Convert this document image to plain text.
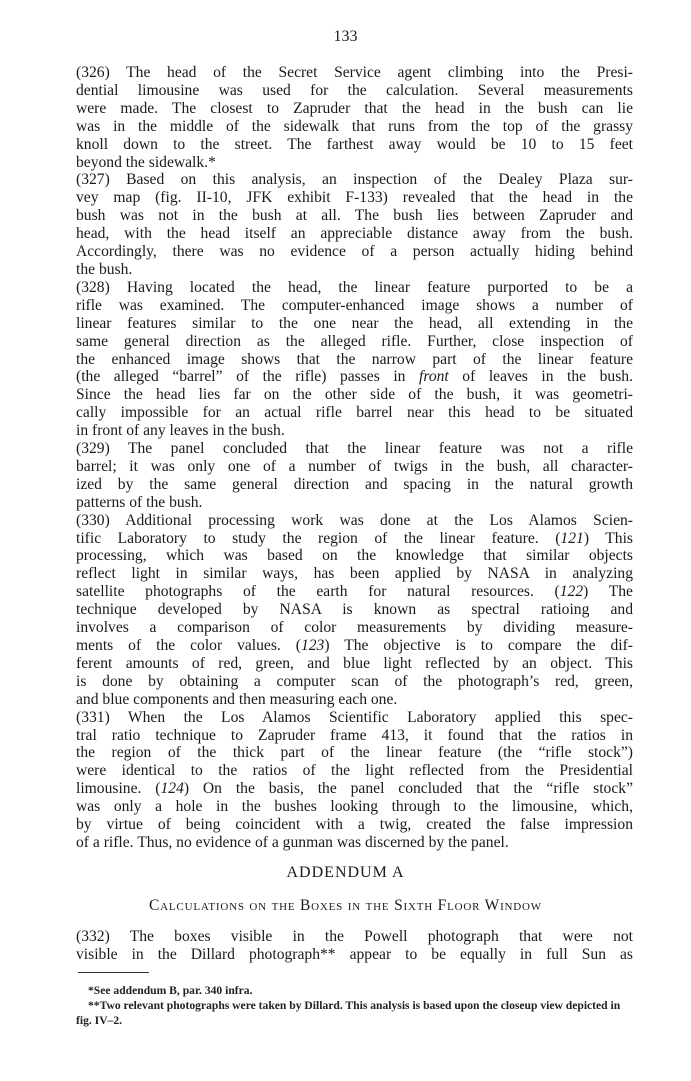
133
(326) The head of the Secret Service agent climbing into the Presi-
dential limousine was used for the calculation. Several measurements
were made. The closest to Zapruder that the head in the bush can lie
was in the middle of the sidewalk that runs from the top of the grassy
knoll down to the street. The farthest away would be 10 to 15 feet
beyond the sidewalk.*
(327) Based on this analysis, an inspection of the Dealey Plaza sur-
vey map (fig. II-10, JFK exhibit F-133) revealed that the head in the
bush was not in the bush at all. The bush lies between Zapruder and
head, with the head itself an appreciable distance away from the bush.
Accordingly, there was no evidence of a person actually hiding behind
the bush.
(328) Having located the head, the linear feature purported to be a
rifle was examined. The computer-enhanced image shows a number of
linear features similar to the one near the head, all extending in the
same general direction as the alleged rifle. Further, close inspection of
the enhanced image shows that the narrow part of the linear feature
(the alleged “barrel” of the rifle) passes in front of leaves in the bush.
Since the head lies far on the other side of the bush, it was geometri-
cally impossible for an actual rifle barrel near this head to be situated
in front of any leaves in the bush.
(329) The panel concluded that the linear feature was not a rifle
barrel; it was only one of a number of twigs in the bush, all character-
ized by the same general direction and spacing in the natural growth
patterns of the bush.
(330) Additional processing work was done at the Los Alamos Scien-
tific Laboratory to study the region of the linear feature. (121) This
processing, which was based on the knowledge that similar objects
reflect light in similar ways, has been applied by NASA in analyzing
satellite photographs of the earth for natural resources. (122) The
technique developed by NASA is known as spectral ratioing and
involves a comparison of color measurements by dividing measure-
ments of the color values. (123) The objective is to compare the dif-
ferent amounts of red, green, and blue light reflected by an object. This
is done by obtaining a computer scan of the photograph’s red, green,
and blue components and then measuring each one.
(331) When the Los Alamos Scientific Laboratory applied this spec-
tral ratio technique to Zapruder frame 413, it found that the ratios in
the region of the thick part of the linear feature (the “rifle stock”)
were identical to the ratios of the light reflected from the Presidential
limousine. (124) On the basis, the panel concluded that the “rifle stock”
was only a hole in the bushes looking through to the limousine, which,
by virtue of being coincident with a twig, created the false impression
of a rifle. Thus, no evidence of a gunman was discerned by the panel.
ADDENDUM A
Calculations on the Boxes in the Sixth Floor Window
(332) The boxes visible in the Powell photograph that were not
visible in the Dillard photograph** appear to be equally in full Sun as
*See addendum B, par. 340 infra.
**Two relevant photographs were taken by Dillard. This analysis is based upon the closeup view depicted in fig. IV–2.
